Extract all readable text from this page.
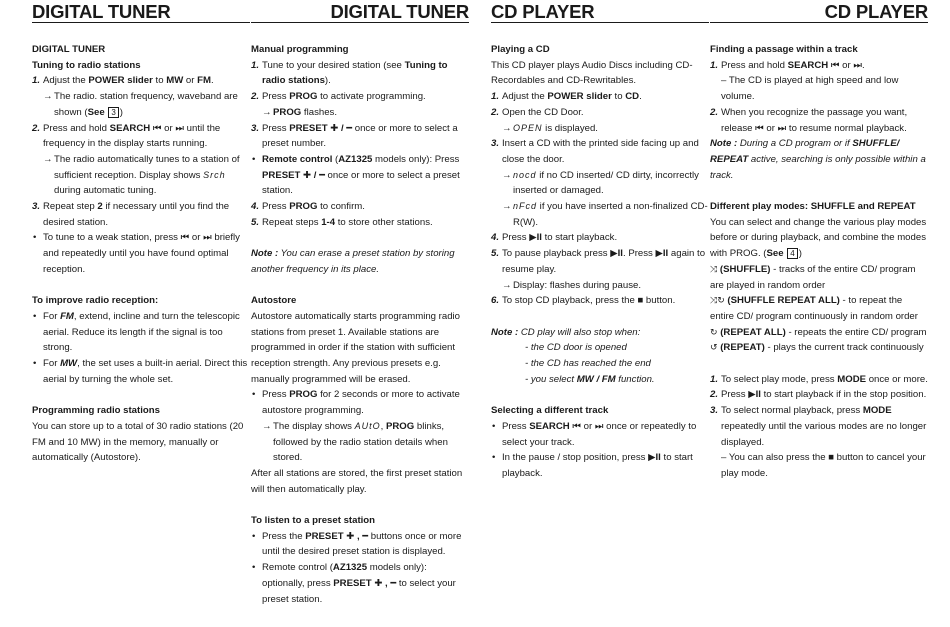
DIGITAL TUNER
DIGITAL TUNER
Tuning to radio stations
1. Adjust the POWER slider to MW or FM.
→ The radio. station frequency, waveband are shown (See 3 )
2. Press and hold SEARCH ⏮ or ⏭ until the frequency in the display starts running.
→ The radio automatically tunes to a station of sufficient reception. Display shows Srch during automatic tuning.
3. Repeat step 2 if necessary until you find the desired station.
• To tune to a weak station, press ⏮ or ⏭ briefly and repeatedly until you have found optimal reception.
To improve radio reception:
• For FM, extend, incline and turn the telescopic aerial. Reduce its length if the signal is too strong.
• For MW, the set uses a built-in aerial. Direct this aerial by turning the whole set.
Programming radio stations
You can store up to a total of 30 radio stations (20 FM and 10 MW) in the memory, manually or automatically (Autostore).
DIGITAL TUNER
Manual programming
1. Tune to your desired station (see Tuning to radio stations).
2. Press PROG to activate programming.
→ PROG flashes.
3. Press PRESET ✚ / ━ once or more to select a preset number.
• Remote control (AZ1325 models only): Press PRESET ✚ / ━ once or more to select a preset station.
4. Press PROG to confirm.
5. Repeat steps 1-4 to store other stations.
Note : You can erase a preset station by storing another frequency in its place.
Autostore
Autostore automatically starts programming radio stations from preset 1. Available stations are programmed in order if the station with sufficient reception strength. Any previous presets e.g. manually programmed will be erased.
• Press PROG for 2 seconds or more to activate autostore programming.
→ The display shows AUtO, PROG blinks, followed by the radio station details when stored.
After all stations are stored, the first preset station will then automatically play.
To listen to a preset station
• Press the PRESET ✚ , ━ buttons once or more until the desired preset station is displayed.
• Remote control (AZ1325 models only): optionally, press PRESET ✚ , ━ to select your preset station.
CD PLAYER
Playing a CD
This CD player plays Audio Discs including CD-Recordables and CD-Rewritables.
1. Adjust the POWER slider to CD.
2. Open the CD Door.
→ OPEN is displayed.
3. Insert a CD with the printed side facing up and close the door.
→ nocd if no CD inserted/ CD dirty, incorrectly inserted or damaged.
→ nFcd if you have inserted a non-finalized CD-R(W).
4. Press ▶II to start playback.
5. To pause playback press ▶II. Press ▶II again to resume play.
→ Display: flashes during pause.
6. To stop CD playback, press the ■ button.
Note : CD play will also stop when:
- the CD door is opened
- the CD has reached the end
- you select MW / FM function.
Selecting a different track
• Press SEARCH ⏮ or ⏭ once or repeatedly to select your track.
• In the pause / stop position, press ▶II to start playback.
CD PLAYER
Finding a passage within a track
1. Press and hold SEARCH ⏮ or ⏭.
– The CD is played at high speed and low volume.
2. When you recognize the passage you want, release ⏮ or ⏭ to resume normal playback.
Note : During a CD program or if SHUFFLE/ REPEAT active, searching is only possible within a track.
Different play modes: SHUFFLE and REPEAT
You can select and change the various play modes before or during playback, and combine the modes with PROG. (See 4 )
⤨ (SHUFFLE) - tracks of the entire CD/ program are played in random order
⤨↻ (SHUFFLE REPEAT ALL) - to repeat the entire CD/ program continuously in random order
↻ (REPEAT ALL) - repeats the entire CD/ program
↺ (REPEAT) - plays the current track continuously
1. To select play mode, press MODE once or more.
2. Press ▶II to start playback if in the stop position.
3. To select normal playback, press MODE repeatedly until the various modes are no longer displayed.
– You can also press the ■ button to cancel your play mode.
